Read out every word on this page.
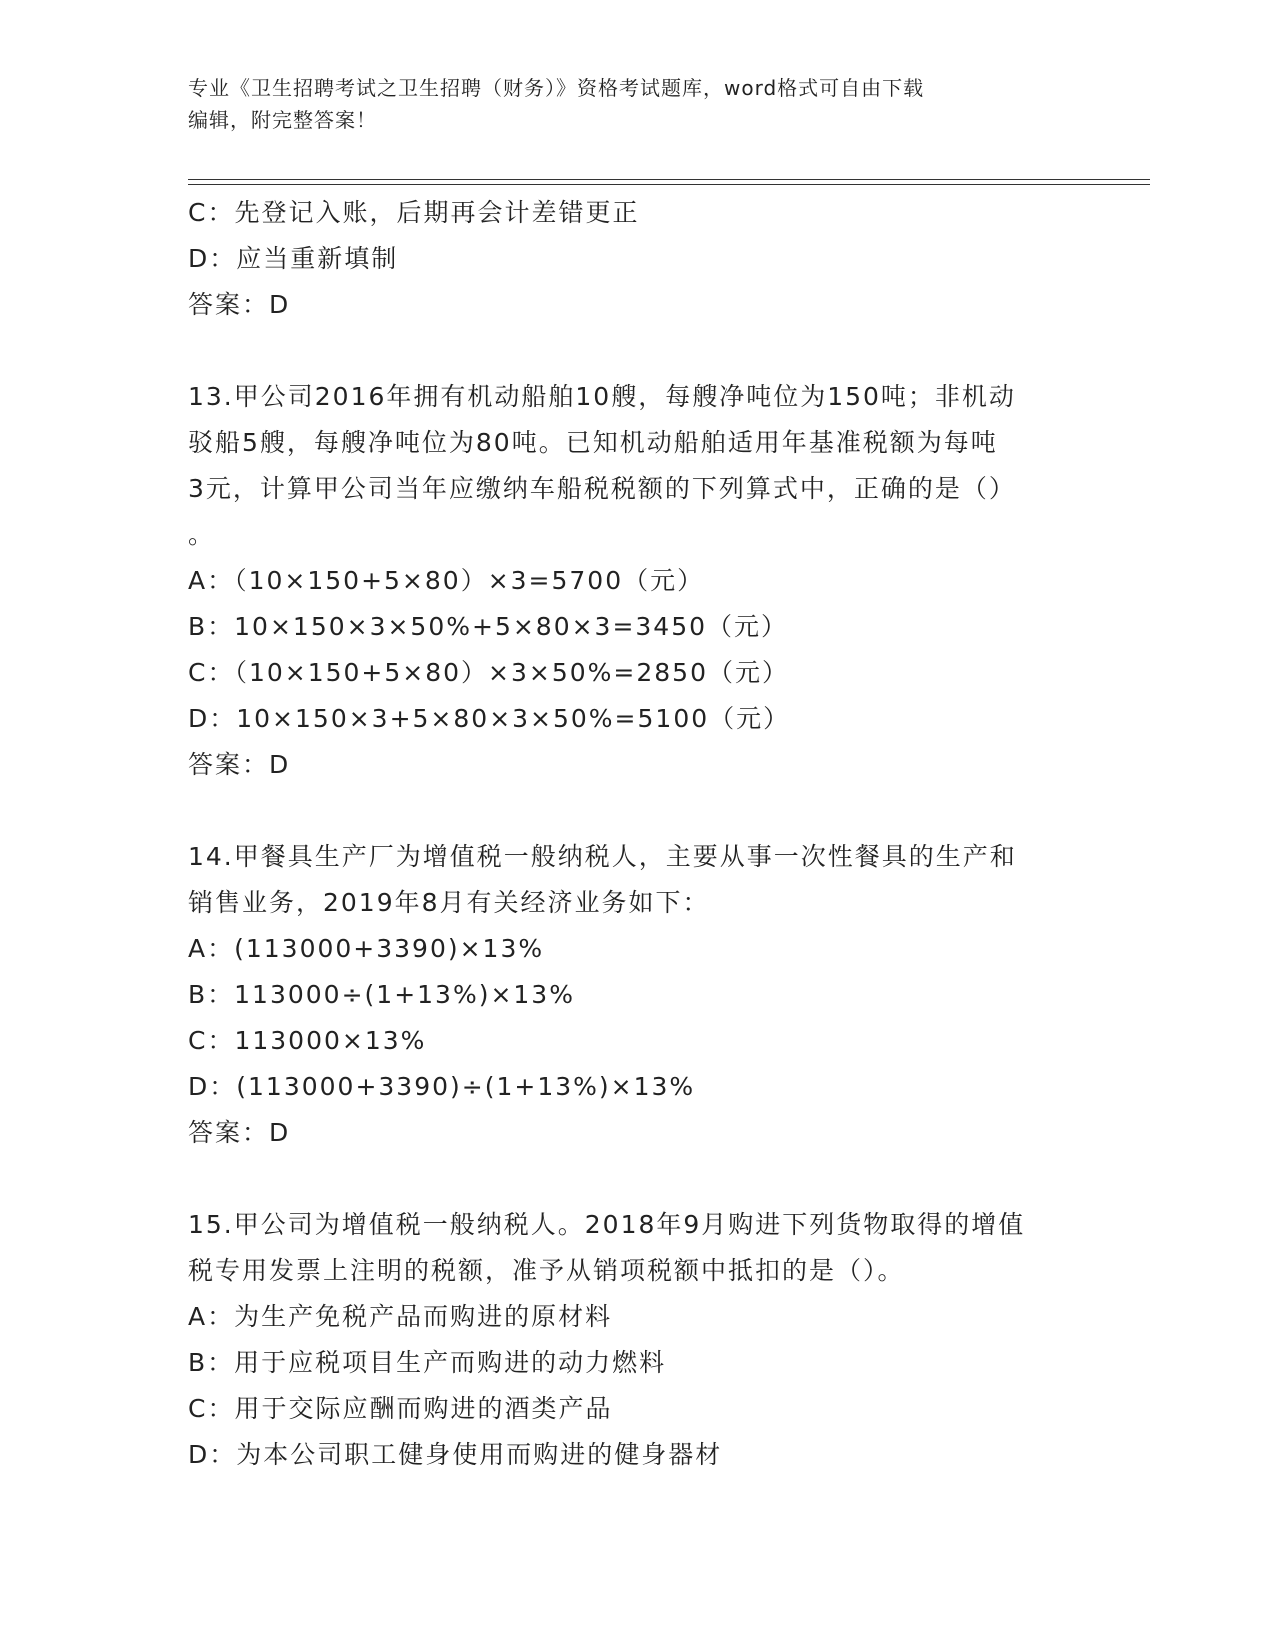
专业《卫生招聘考试之卫生招聘（财务）》资格考试题库，word格式可自由下载
编辑，附完整答案！
C：先登记入账，后期再会计差错更正
D：应当重新填制
答案：D
13.甲公司2016年拥有机动船舶10艘，每艘净吨位为150吨；非机动
驳船5艘，每艘净吨位为80吨。已知机动船舶适用年基准税额为每吨
3元，计算甲公司当年应缴纳车船税税额的下列算式中，正确的是（）
。
A：（10×150+5×80）×3=5700（元）
B：10×150×3×50%+5×80×3=3450（元）
C：（10×150+5×80）×3×50%=2850（元）
D：10×150×3+5×80×3×50%=5100（元）
答案：D
14.甲餐具生产厂为增值税一般纳税人，主要从事一次性餐具的生产和
销售业务，2019年8月有关经济业务如下：
A：(113000+3390)×13%
B：113000÷(1+13%)×13%
C：113000×13%
D：(113000+3390)÷(1+13%)×13%
答案：D
15.甲公司为增值税一般纳税人。2018年9月购进下列货物取得的增值
税专用发票上注明的税额，准予从销项税额中抵扣的是（）。
A：为生产免税产品而购进的原材料
B：用于应税项目生产而购进的动力燃料
C：用于交际应酬而购进的酒类产品
D：为本公司职工健身使用而购进的健身器材
